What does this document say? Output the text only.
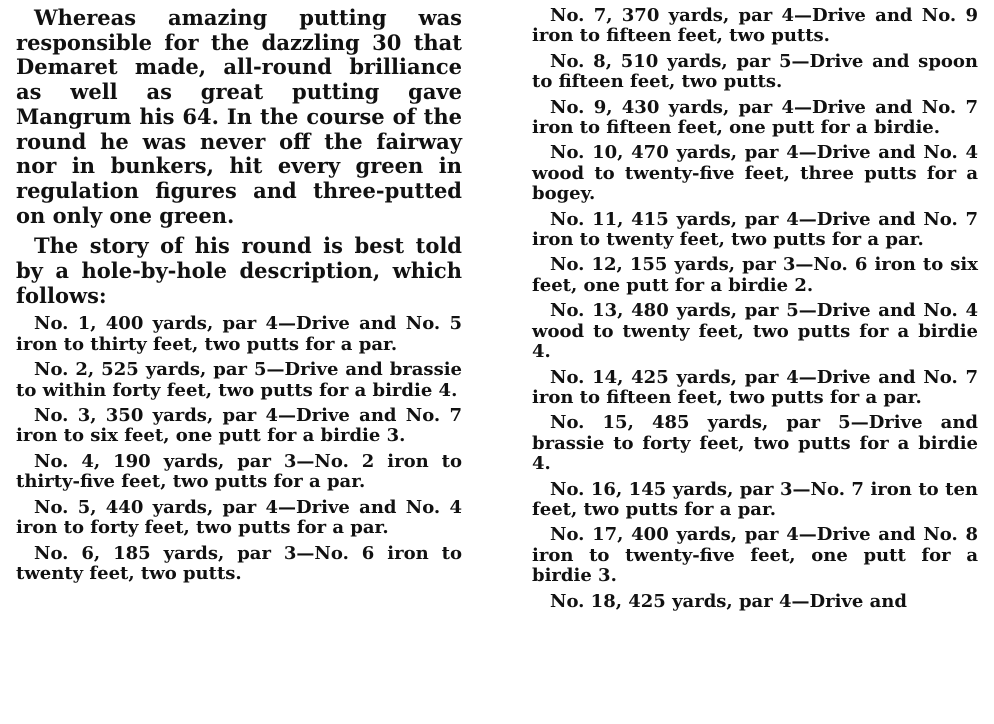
Whereas amazing putting was responsible for the dazzling 30 that Demaret made, all-round brilliance as well as great putting gave Mangrum his 64. In the course of the round he was never off the fairway nor in bunkers, hit every green in regulation figures and three-putted on only one green.

The story of his round is best told by a hole-by-hole description, which follows:

No. 1, 400 yards, par 4—Drive and No. 5 iron to thirty feet, two putts for a par.

No. 2, 525 yards, par 5—Drive and brassie to within forty feet, two putts for a birdie 4.

No. 3, 350 yards, par 4—Drive and No. 7 iron to six feet, one putt for a birdie 3.

No. 4, 190 yards, par 3—No. 2 iron to thirty-five feet, two putts for a par.

No. 5, 440 yards, par 4—Drive and No. 4 iron to forty feet, two putts for a par.

No. 6, 185 yards, par 3—No. 6 iron to twenty feet, two putts.

No. 7, 370 yards, par 4—Drive and No. 9 iron to fifteen feet, two putts.

No. 8, 510 yards, par 5—Drive and spoon to fifteen feet, two putts.

No. 9, 430 yards, par 4—Drive and No. 7 iron to fifteen feet, one putt for a birdie.

No. 10, 470 yards, par 4—Drive and No. 4 wood to twenty-five feet, three putts for a bogey.

No. 11, 415 yards, par 4—Drive and No. 7 iron to twenty feet, two putts for a par.

No. 12, 155 yards, par 3—No. 6 iron to six feet, one putt for a birdie 2.

No. 13, 480 yards, par 5—Drive and No. 4 wood to twenty feet, two putts for a birdie 4.

No. 14, 425 yards, par 4—Drive and No. 7 iron to fifteen feet, two putts for a par.

No. 15, 485 yards, par 5—Drive and brassie to forty feet, two putts for a birdie 4.

No. 16, 145 yards, par 3—No. 7 iron to ten feet, two putts for a par.

No. 17, 400 yards, par 4—Drive and No. 8 iron to twenty-five feet, one putt for a birdie 3.

No. 18, 425 yards, par 4—Drive and
